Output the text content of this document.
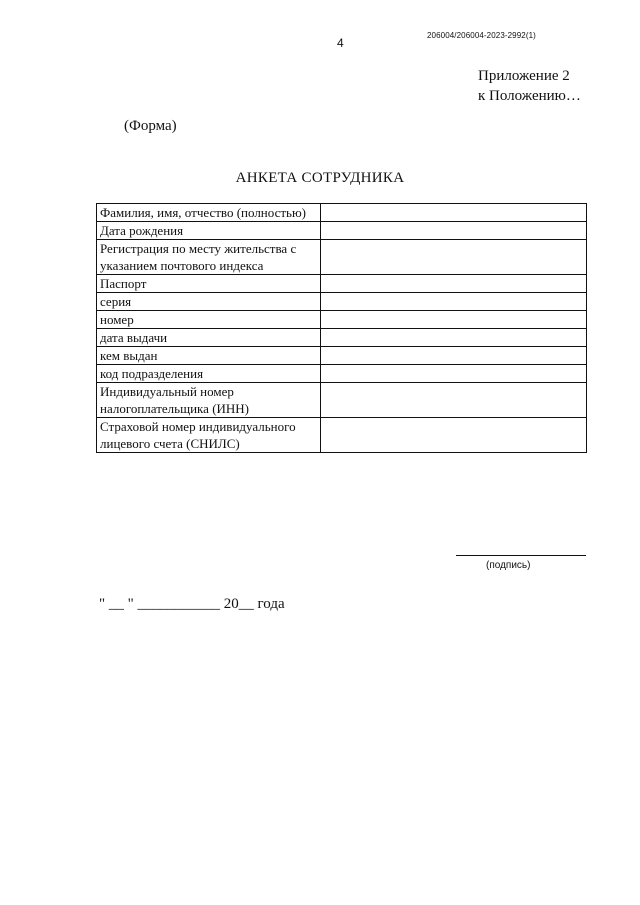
4
206004/206004-2023-2992(1)
Приложение 2
к Положению…
(Форма)
АНКЕТА СОТРУДНИКА
Фамилия, имя, отчество (полностью)	
Дата рождения	
Регистрация по месту жительства с указанием почтового индекса	
Паспорт	
серия	
номер	
дата выдачи	
кем выдан	
код подразделения	
Индивидуальный номер налогоплательщика (ИНН)	
Страховой номер индивидуального лицевого счета (СНИЛС)	
(подпись)
" __ " ___________ 20__ года
